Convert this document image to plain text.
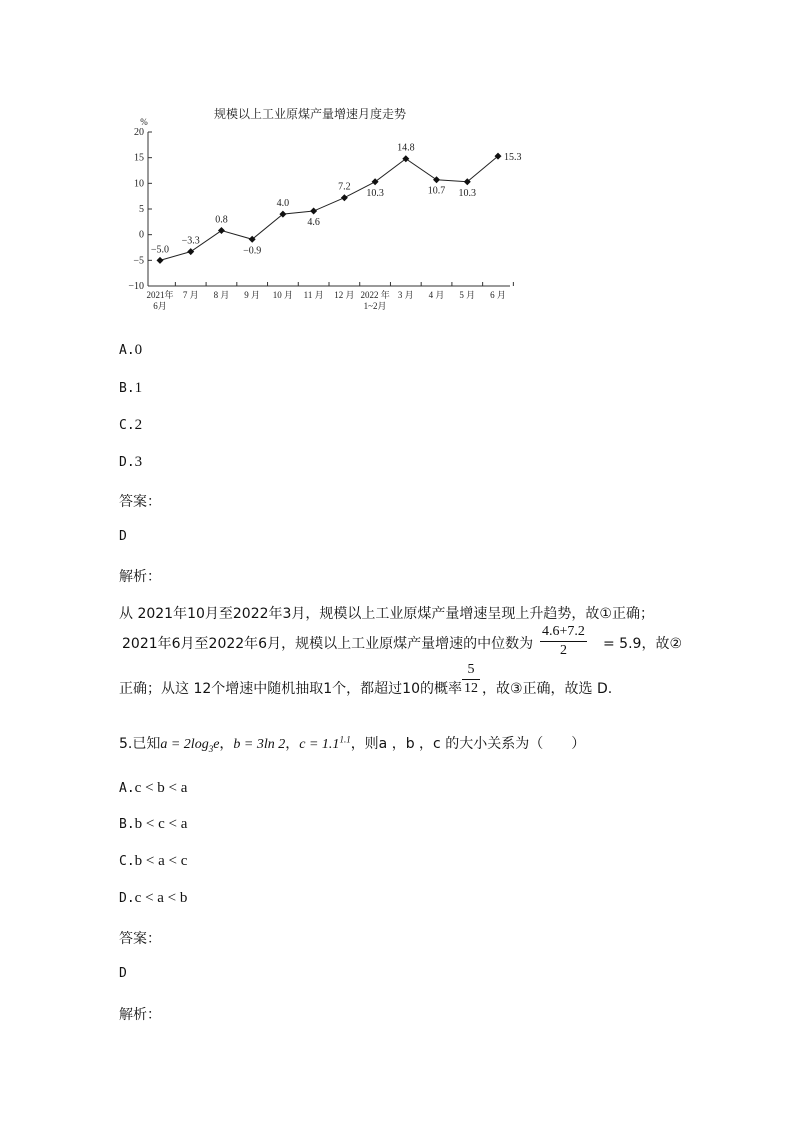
规模以上工业原煤产量增速月度走势
%
20
15
10
5
0
−5
−10
2021年
6月
7 月 8 月 9 月 10 月 11 月 12 月 2022 年
1~2月
3 月 4 月 5 月 6 月
−5.0
−3.3
0.8
−0.9
4.0
4.6
7.2
10.3
14.8
10.7 10.3
15.3
A.0
B.1
C.2
D.3
答案：
D
解析：
从 2021年10月至2022年3月，规模以上工业原煤产量增速呈现上升趋势，故①正确；
2021年6月至2022年6月，规模以上工业原煤产量增速的中位数为
4.6+7.2
2	= 5.9，故②
正确；从这 12个增速中随机抽取1个，都超过10的概率
5
12 ，故③正确，故选 D.
5.已知$a = 2\log_3e$，b = 3ln 2，$c = 1.1^{1.1}$，则a ，b ，c 的大小关系为（　　）
A.c < b < a
B.b < c < a
C.b < a < c
D.c < a < b
答案：
D
解析：
